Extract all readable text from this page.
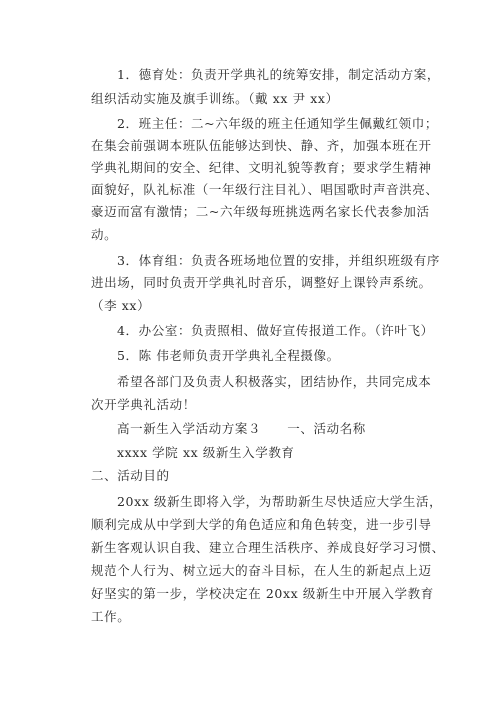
1．德育处：负责开学典礼的统筹安排，制定活动方案，
组织活动实施及旗手训练。（戴 xx 尹 xx）
2．班主任：二~六年级的班主任通知学生佩戴红领巾；
在集会前强调本班队伍能够达到快、静、齐，加强本班在开
学典礼期间的安全、纪律、文明礼貌等教育；要求学生精神
面貌好，队礼标准（一年级行注目礼）、唱国歌时声音洪亮、
豪迈而富有激情；二~六年级每班挑选两名家长代表参加活
动。
3．体育组：负责各班场地位置的安排，并组织班级有序
进出场，同时负责开学典礼时音乐，调整好上课铃声系统。
（李 xx）
4．办公室：负责照相、做好宣传报道工作。（许叶飞）
5．陈 伟老师负责开学典礼全程摄像。
希望各部门及负责人积极落实，团结协作，共同完成本
次开学典礼活动！
高一新生入学活动方案３　　一、活动名称
xxxx 学院 xx 级新生入学教育
二、活动目的
20xx 级新生即将入学，为帮助新生尽快适应大学生活，
顺利完成从中学到大学的角色适应和角色转变，进一步引导
新生客观认识自我、建立合理生活秩序、养成良好学习习惯、
规范个人行为、树立远大的奋斗目标，在人生的新起点上迈
好坚实的第一步，学校决定在 20xx 级新生中开展入学教育
工作。
